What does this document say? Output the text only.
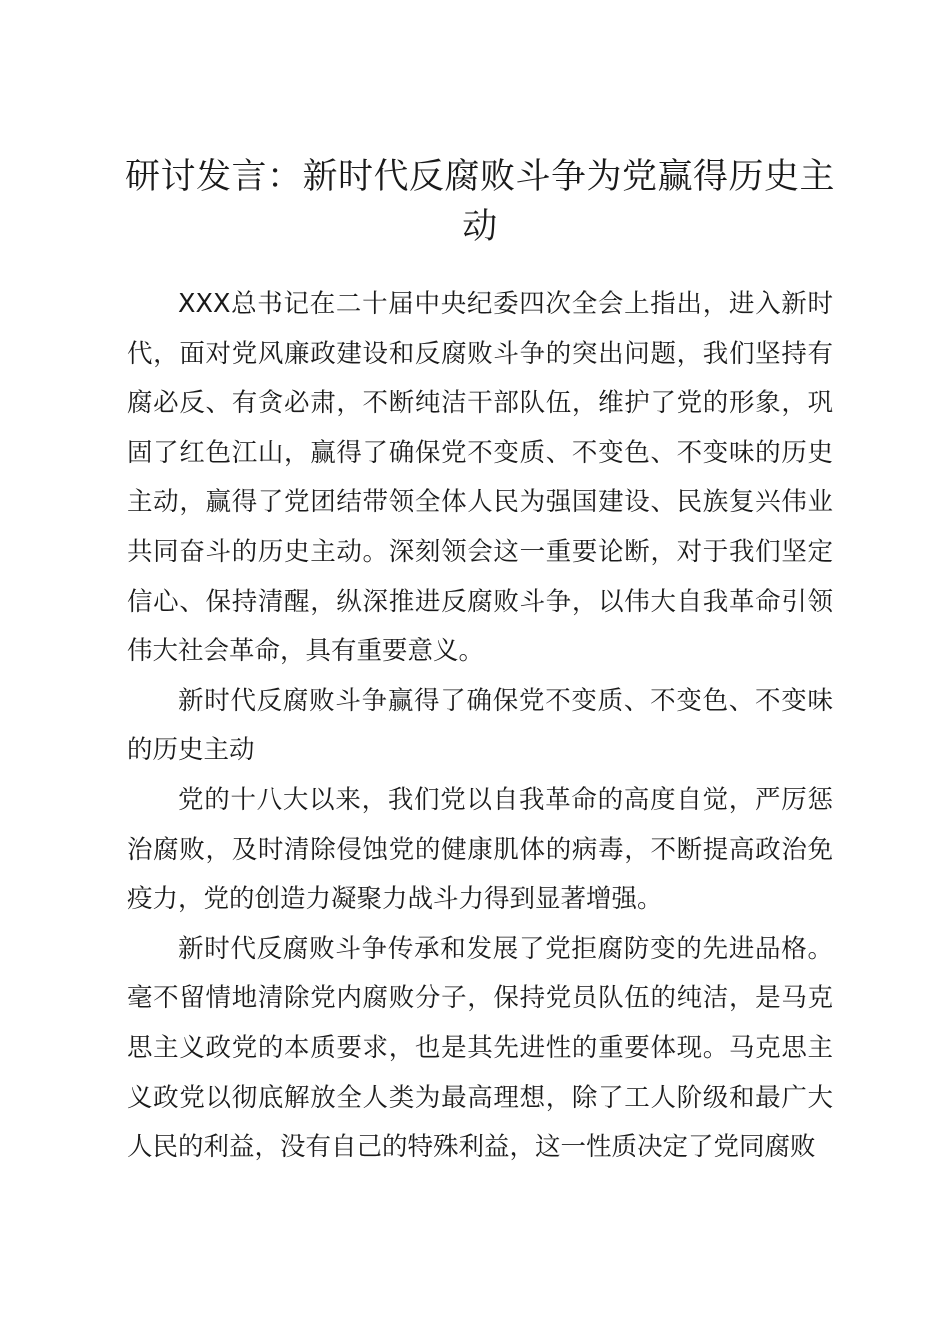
研讨发言：新时代反腐败斗争为党赢得历史主动

XXX总书记在二十届中央纪委四次全会上指出，进入新时代，面对党风廉政建设和反腐败斗争的突出问题，我们坚持有腐必反、有贪必肃，不断纯洁干部队伍，维护了党的形象，巩固了红色江山，赢得了确保党不变质、不变色、不变味的历史主动，赢得了党团结带领全体人民为强国建设、民族复兴伟业共同奋斗的历史主动。深刻领会这一重要论断，对于我们坚定信心、保持清醒，纵深推进反腐败斗争，以伟大自我革命引领伟大社会革命，具有重要意义。

新时代反腐败斗争赢得了确保党不变质、不变色、不变味的历史主动

党的十八大以来，我们党以自我革命的高度自觉，严厉惩治腐败，及时清除侵蚀党的健康肌体的病毒，不断提高政治免疫力，党的创造力凝聚力战斗力得到显著增强。

新时代反腐败斗争传承和发展了党拒腐防变的先进品格。毫不留情地清除党内腐败分子，保持党员队伍的纯洁，是马克思主义政党的本质要求，也是其先进性的重要体现。马克思主义政党以彻底解放全人类为最高理想，除了工人阶级和最广大人民的利益，没有自己的特殊利益，这一性质决定了党同腐败
